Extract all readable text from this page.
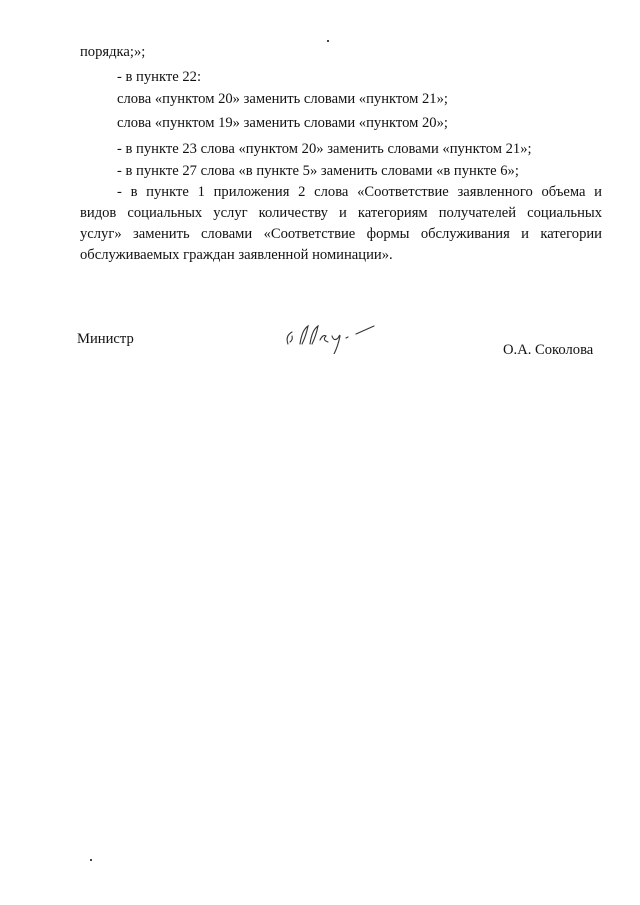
порядка;»;
- в пункте 22:
слова «пунктом 20» заменить словами «пунктом 21»;
слова «пунктом 19» заменить словами «пунктом 20»;
- в пункте 23 слова «пунктом 20» заменить словами «пунктом 21»;
- в пункте 27 слова «в пункте 5» заменить словами «в пункте 6»;
- в пункте 1 приложения 2 слова «Соответствие заявленного объема и
видов социальных услуг количеству и категориям получателей социальных
услуг» заменить словами «Соответствие формы обслуживания и категории
обслуживаемых граждан заявленной номинации».
Министр
О.А. Соколова
